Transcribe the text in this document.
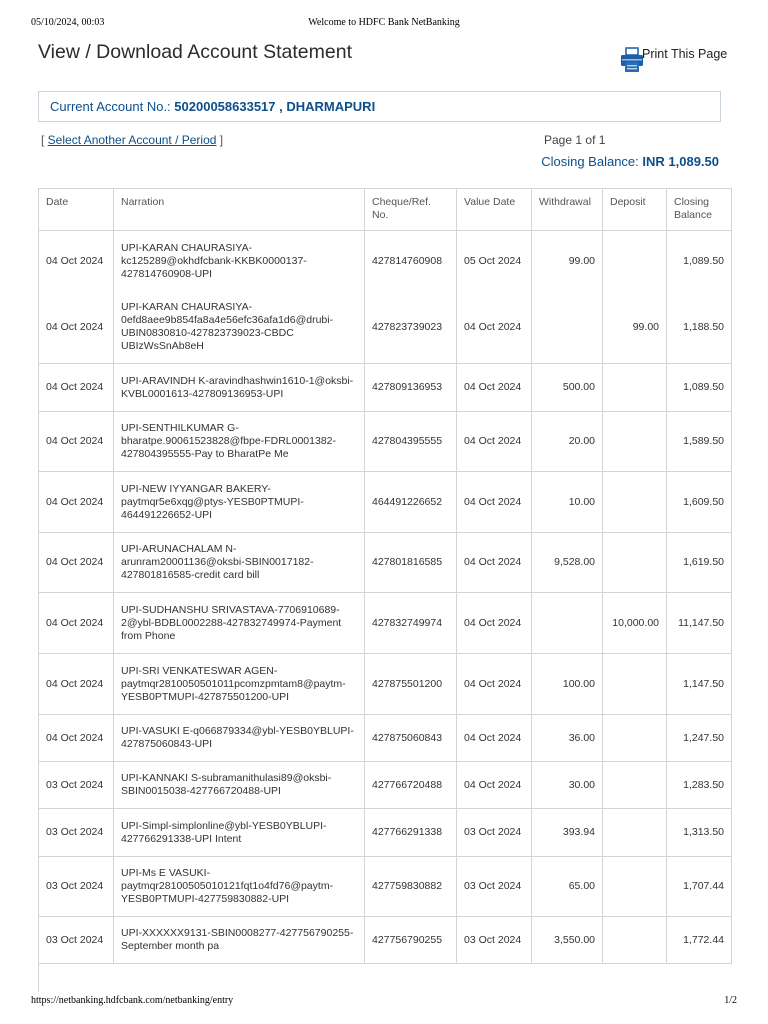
05/10/2024, 00:03	Welcome to HDFC Bank NetBanking
View / Download Account Statement	Print This Page
Current Account No.: 50200058633517 , DHARMAPURI
[ Select Another Account / Period ]	Page 1 of 1
Closing Balance: INR 1,089.50
Date	Narration	Cheque/Ref. No.	Value Date	Withdrawal	Deposit	Closing Balance
04 Oct 2024	UPI-KARAN CHAURASIYA-kc125289@okhdfcbank-KKBK0000137-427814760908-UPI	427814760908	05 Oct 2024	99.00		1,089.50
04 Oct 2024	UPI-KARAN CHAURASIYA-0efd8aee9b854fa8a4e56efc36afa1d6@drubi-UBIN0830810-427823739023-CBDC UBIzWsSnAb8eH	427823739023	04 Oct 2024		99.00	1,188.50
04 Oct 2024	UPI-ARAVINDH K-aravindhashwin1610-1@oksbi-KVBL0001613-427809136953-UPI	427809136953	04 Oct 2024	500.00		1,089.50
04 Oct 2024	UPI-SENTHILKUMAR G-bharatpe.90061523828@fbpe-FDRL0001382-427804395555-Pay to BharatPe Me	427804395555	04 Oct 2024	20.00		1,589.50
04 Oct 2024	UPI-NEW IYYANGAR BAKERY-paytmqr5e6xqg@ptys-YESB0PTMUPI-464491226652-UPI	464491226652	04 Oct 2024	10.00		1,609.50
04 Oct 2024	UPI-ARUNACHALAM N-arunram20001136@oksbi-SBIN0017182-427801816585-credit card bill	427801816585	04 Oct 2024	9,528.00		1,619.50
04 Oct 2024	UPI-SUDHANSHU SRIVASTAVA-7706910689-2@ybl-BDBL0002288-427832749974-Payment from Phone	427832749974	04 Oct 2024		10,000.00	11,147.50
04 Oct 2024	UPI-SRI VENKATESWAR AGEN-paytmqr2810050501011pcomzpmtam8@paytm-YESB0PTMUPI-427875501200-UPI	427875501200	04 Oct 2024	100.00		1,147.50
04 Oct 2024	UPI-VASUKI E-q066879334@ybl-YESB0YBLUPI-427875060843-UPI	427875060843	04 Oct 2024	36.00		1,247.50
03 Oct 2024	UPI-KANNAKI S-subramanithulasi89@oksbi-SBIN0015038-427766720488-UPI	427766720488	04 Oct 2024	30.00		1,283.50
03 Oct 2024	UPI-Simpl-simplonline@ybl-YESB0YBLUPI-427766291338-UPI Intent	427766291338	03 Oct 2024	393.94		1,313.50
03 Oct 2024	UPI-Ms E VASUKI-paytmqr28100505010121fqt1o4fd76@paytm-YESB0PTMUPI-427759830882-UPI	427759830882	03 Oct 2024	65.00		1,707.44
03 Oct 2024	UPI-XXXXXX9131-SBIN0008277-427756790255-September month pa	427756790255	03 Oct 2024	3,550.00		1,772.44
https://netbanking.hdfcbank.com/netbanking/entry	1/2
